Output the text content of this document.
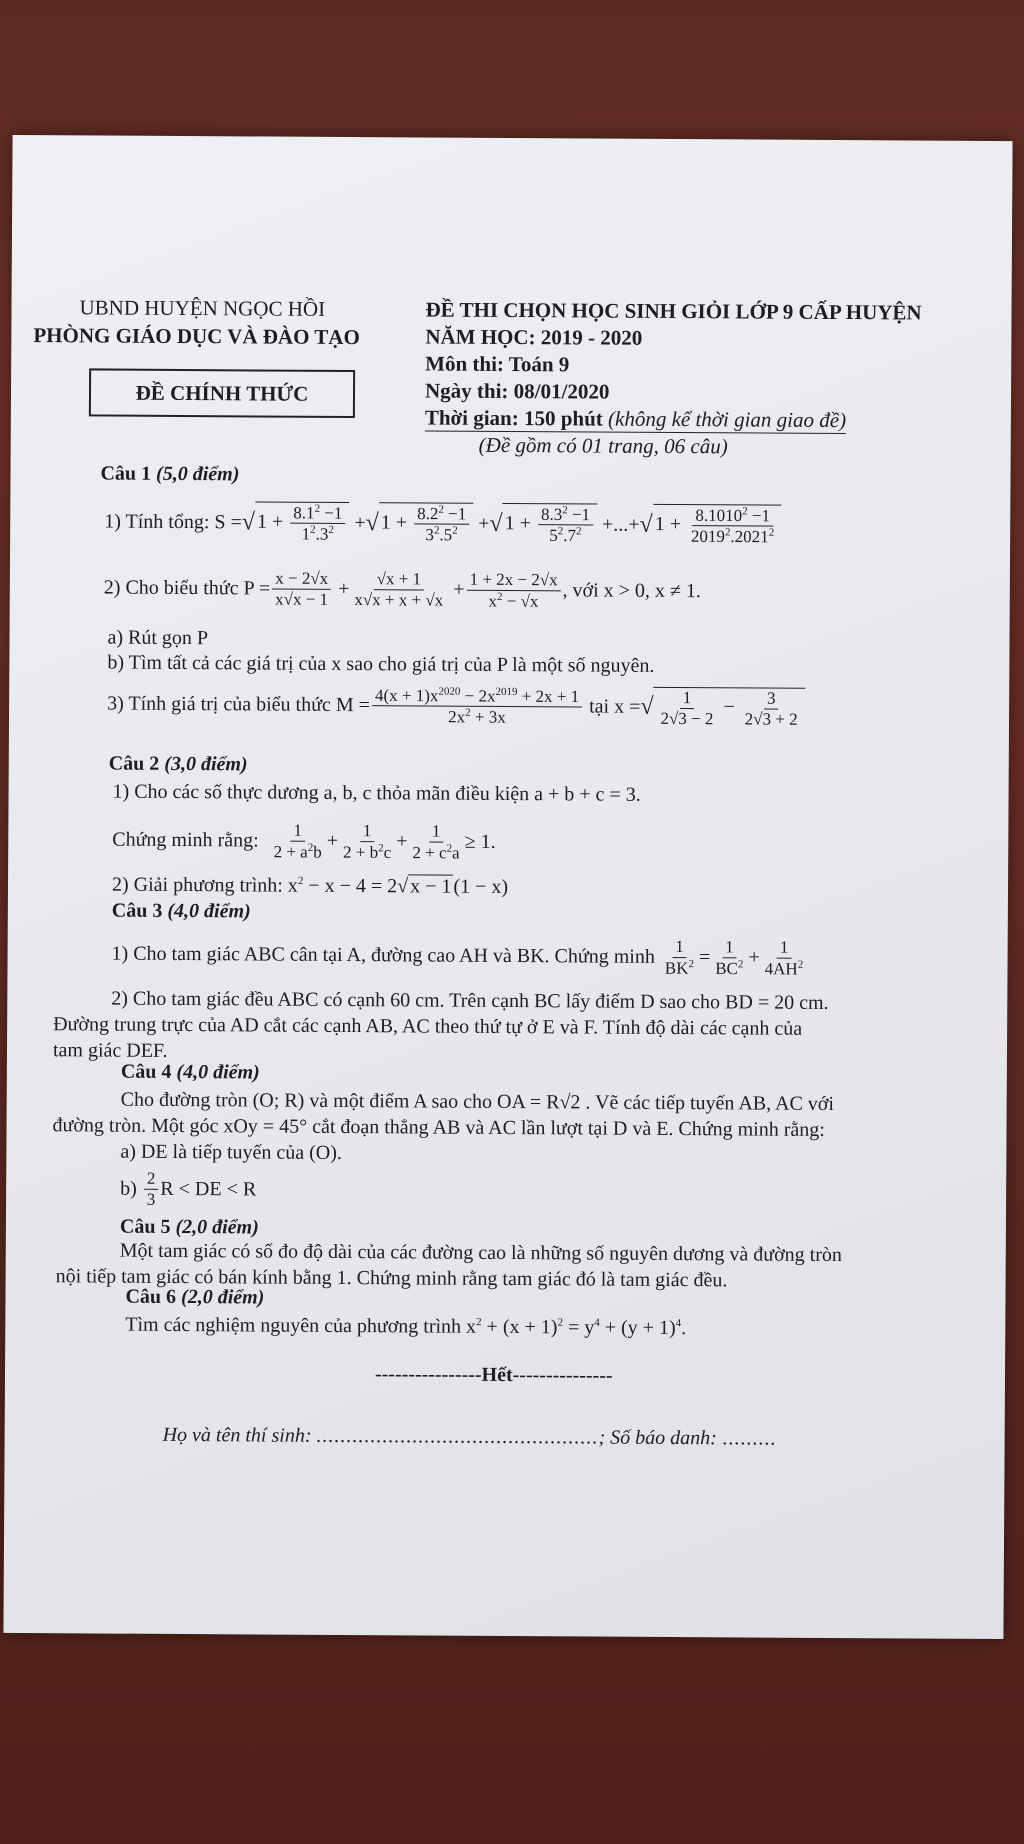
UBND HUYỆN NGỌC HỒI
PHÒNG GIÁO DỤC VÀ ĐÀO TẠO
ĐỀ CHÍNH THỨC
ĐỀ THI CHỌN HỌC SINH GIỎI LỚP 9 CẤP HUYỆN
NĂM HỌC: 2019 - 2020
Môn thi: Toán 9
Ngày thi: 08/01/2020
Thời gian: 150 phút (không kể thời gian giao đề)
(Đề gồm có 01 trang, 06 câu)
Câu 1 (5,0 điểm)
1) Tính tổng: S = √ $1 + \frac{8.1^2 -1}{1^2.3^2}$ + √ $1 + \frac{8.2^2 -1}{3^2.5^2}$ + √ $1 + \frac{8.3^2 -1}{5^2.7^2}$ +...+ √ $1 + \frac{8.1010^2 -1}{2019^2.2021^2}$
2) Cho biểu thức $P = \frac{x - 2√x}{x√x - 1} + \frac{√x + 1}{x√x + x + √x} + \frac{1 + 2x - 2√x}{x^2 - √x}$ , với x > 0, x ≠ 1.
a) Rút gọn P
b) Tìm tất cả các giá trị của x sao cho giá trị của P là một số nguyên.
3) Tính giá trị của biểu thức $M = \frac{4(x + 1)x^{2020} - 2x^{2019} + 2x + 1}{2x^2 + 3x}$
tại x = √ $\frac{1}{2√3 - 2} - \frac{3}{2√3 + 2}$
Câu 2 (3,0 điểm)
1) Cho các số thực dương a, b, c thỏa mãn điều kiện a + b + c = 3.
Chứng minh rằng:
$\frac{1}{2 + a^2b} + \frac{1}{2 + b^2c} + \frac{1}{2 + c^2a} \ge 1$.
2) Giải phương trình: $x^2 - x - 4 = 2√x - 1(1 - x)$
Câu 3 (4,0 điểm)
1) Cho tam giác ABC cân tại A, đường cao AH và BK. Chứng minh
$\frac{1}{BK^2} = \frac{1}{BC^2} + \frac{1}{4AH^2}$
2) Cho tam giác đều ABC có cạnh 60 cm. Trên cạnh BC lấy điểm D sao cho BD = 20 cm.
Đường trung trực của AD cắt các cạnh AB, AC theo thứ tự ở E và F. Tính độ dài các cạnh của
tam giác DEF.
Câu 4 (4,0 điểm)
Cho đường tròn (O; R) và một điểm A sao cho OA = R√2 . Vẽ các tiếp tuyến AB, AC với
đường tròn. Một góc xOy = 45° cắt đoạn thẳng AB và AC lần lượt tại D và E. Chứng minh rằng:
a) DE là tiếp tuyến của (O).
b)
$\frac{2}{3}$ R < DE < R
Câu 5 (2,0 điểm)
Một tam giác có số đo độ dài của các đường cao là những số nguyên dương và đường tròn
nội tiếp tam giác có bán kính bằng 1. Chứng minh rằng tam giác đó là tam giác đều.
Câu 6 (2,0 điểm)
Tìm các nghiệm nguyên của phương trình $x^2 + (x + 1)^2 = y^4 + (y + 1)^4$.
----------------Hết---------------
Họ và tên thí sinh: ...............................................; Số báo danh: .........
